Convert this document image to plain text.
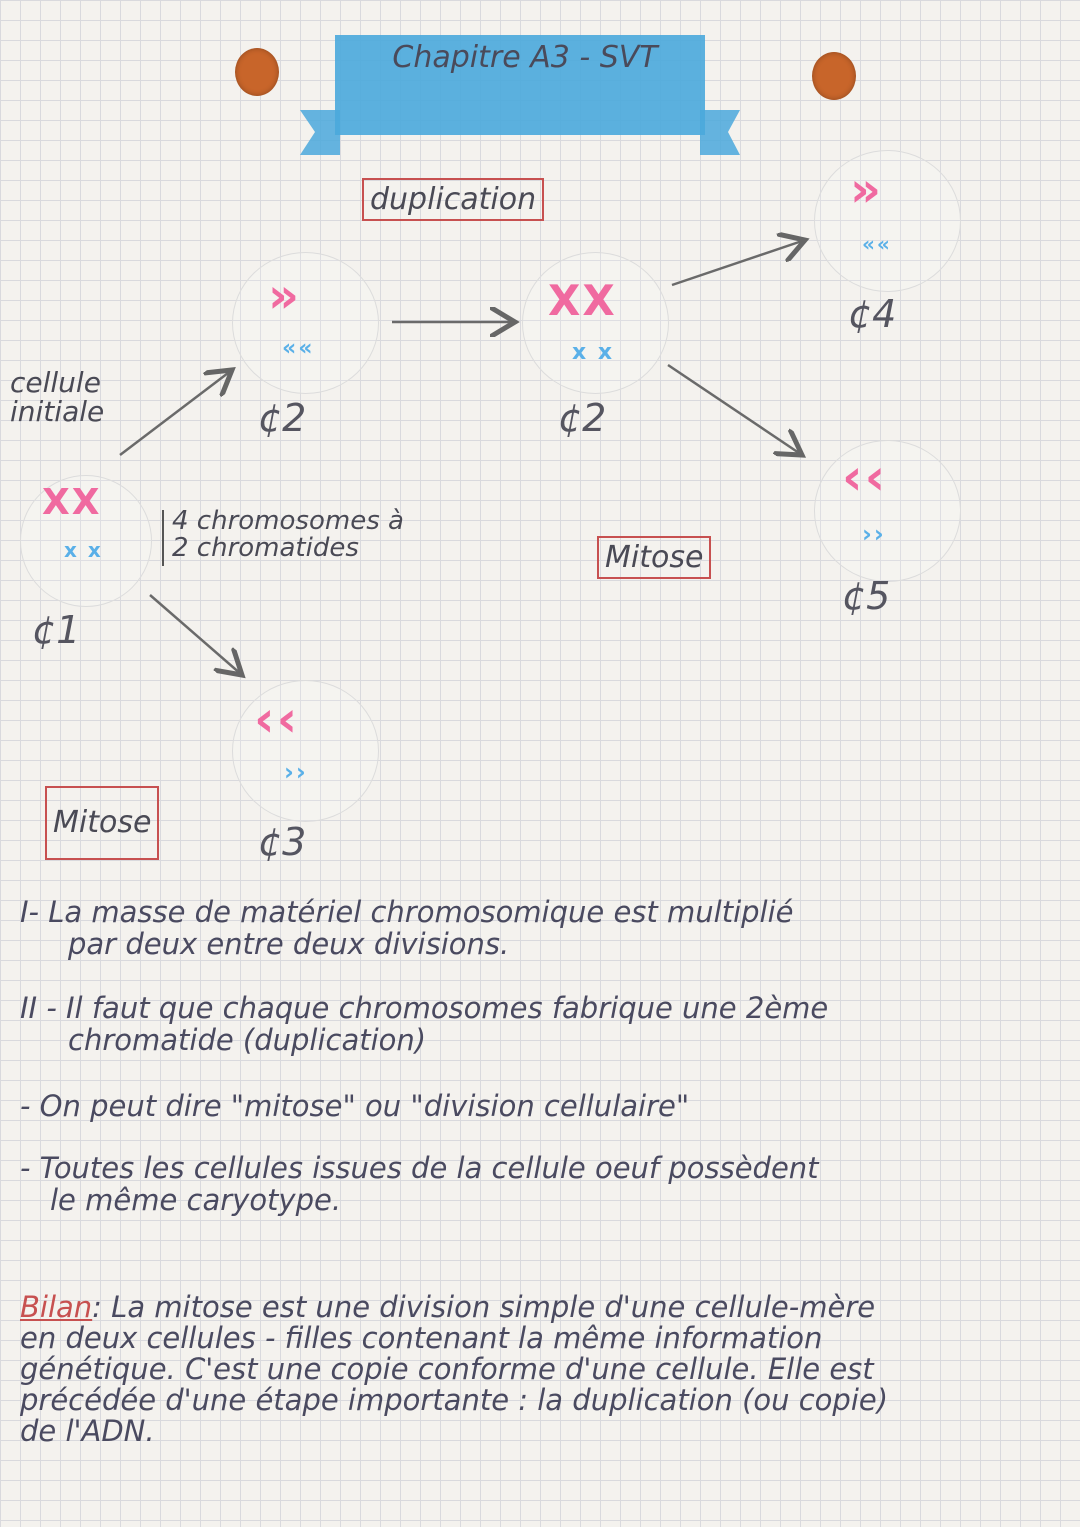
Chapitre A3 - SVT
duplication
Mitose
Mitose
cellule
initiale
4 chromosomes à
2 chromatides
XX
x x
¢1
»
««
¢2
XX
x x
¢2
‹‹
››
¢3
»
««
¢4
‹‹
››
¢5

I- La masse de matériel chromosomique est multiplié

par deux entre deux divisions.

II - Il faut que chaque chromosomes fabrique une 2ème

chromatide (duplication)

- On peut dire "mitose" ou "division cellulaire"

- Toutes les cellules issues de la cellule oeuf possèdent

le même caryotype.

Bilan: La mitose est une division simple d'une cellule-mère

en deux cellules - filles contenant la même information

génétique. C'est une copie conforme d'une cellule. Elle est

précédée d'une étape importante : la duplication (ou copie)

de l'ADN.
